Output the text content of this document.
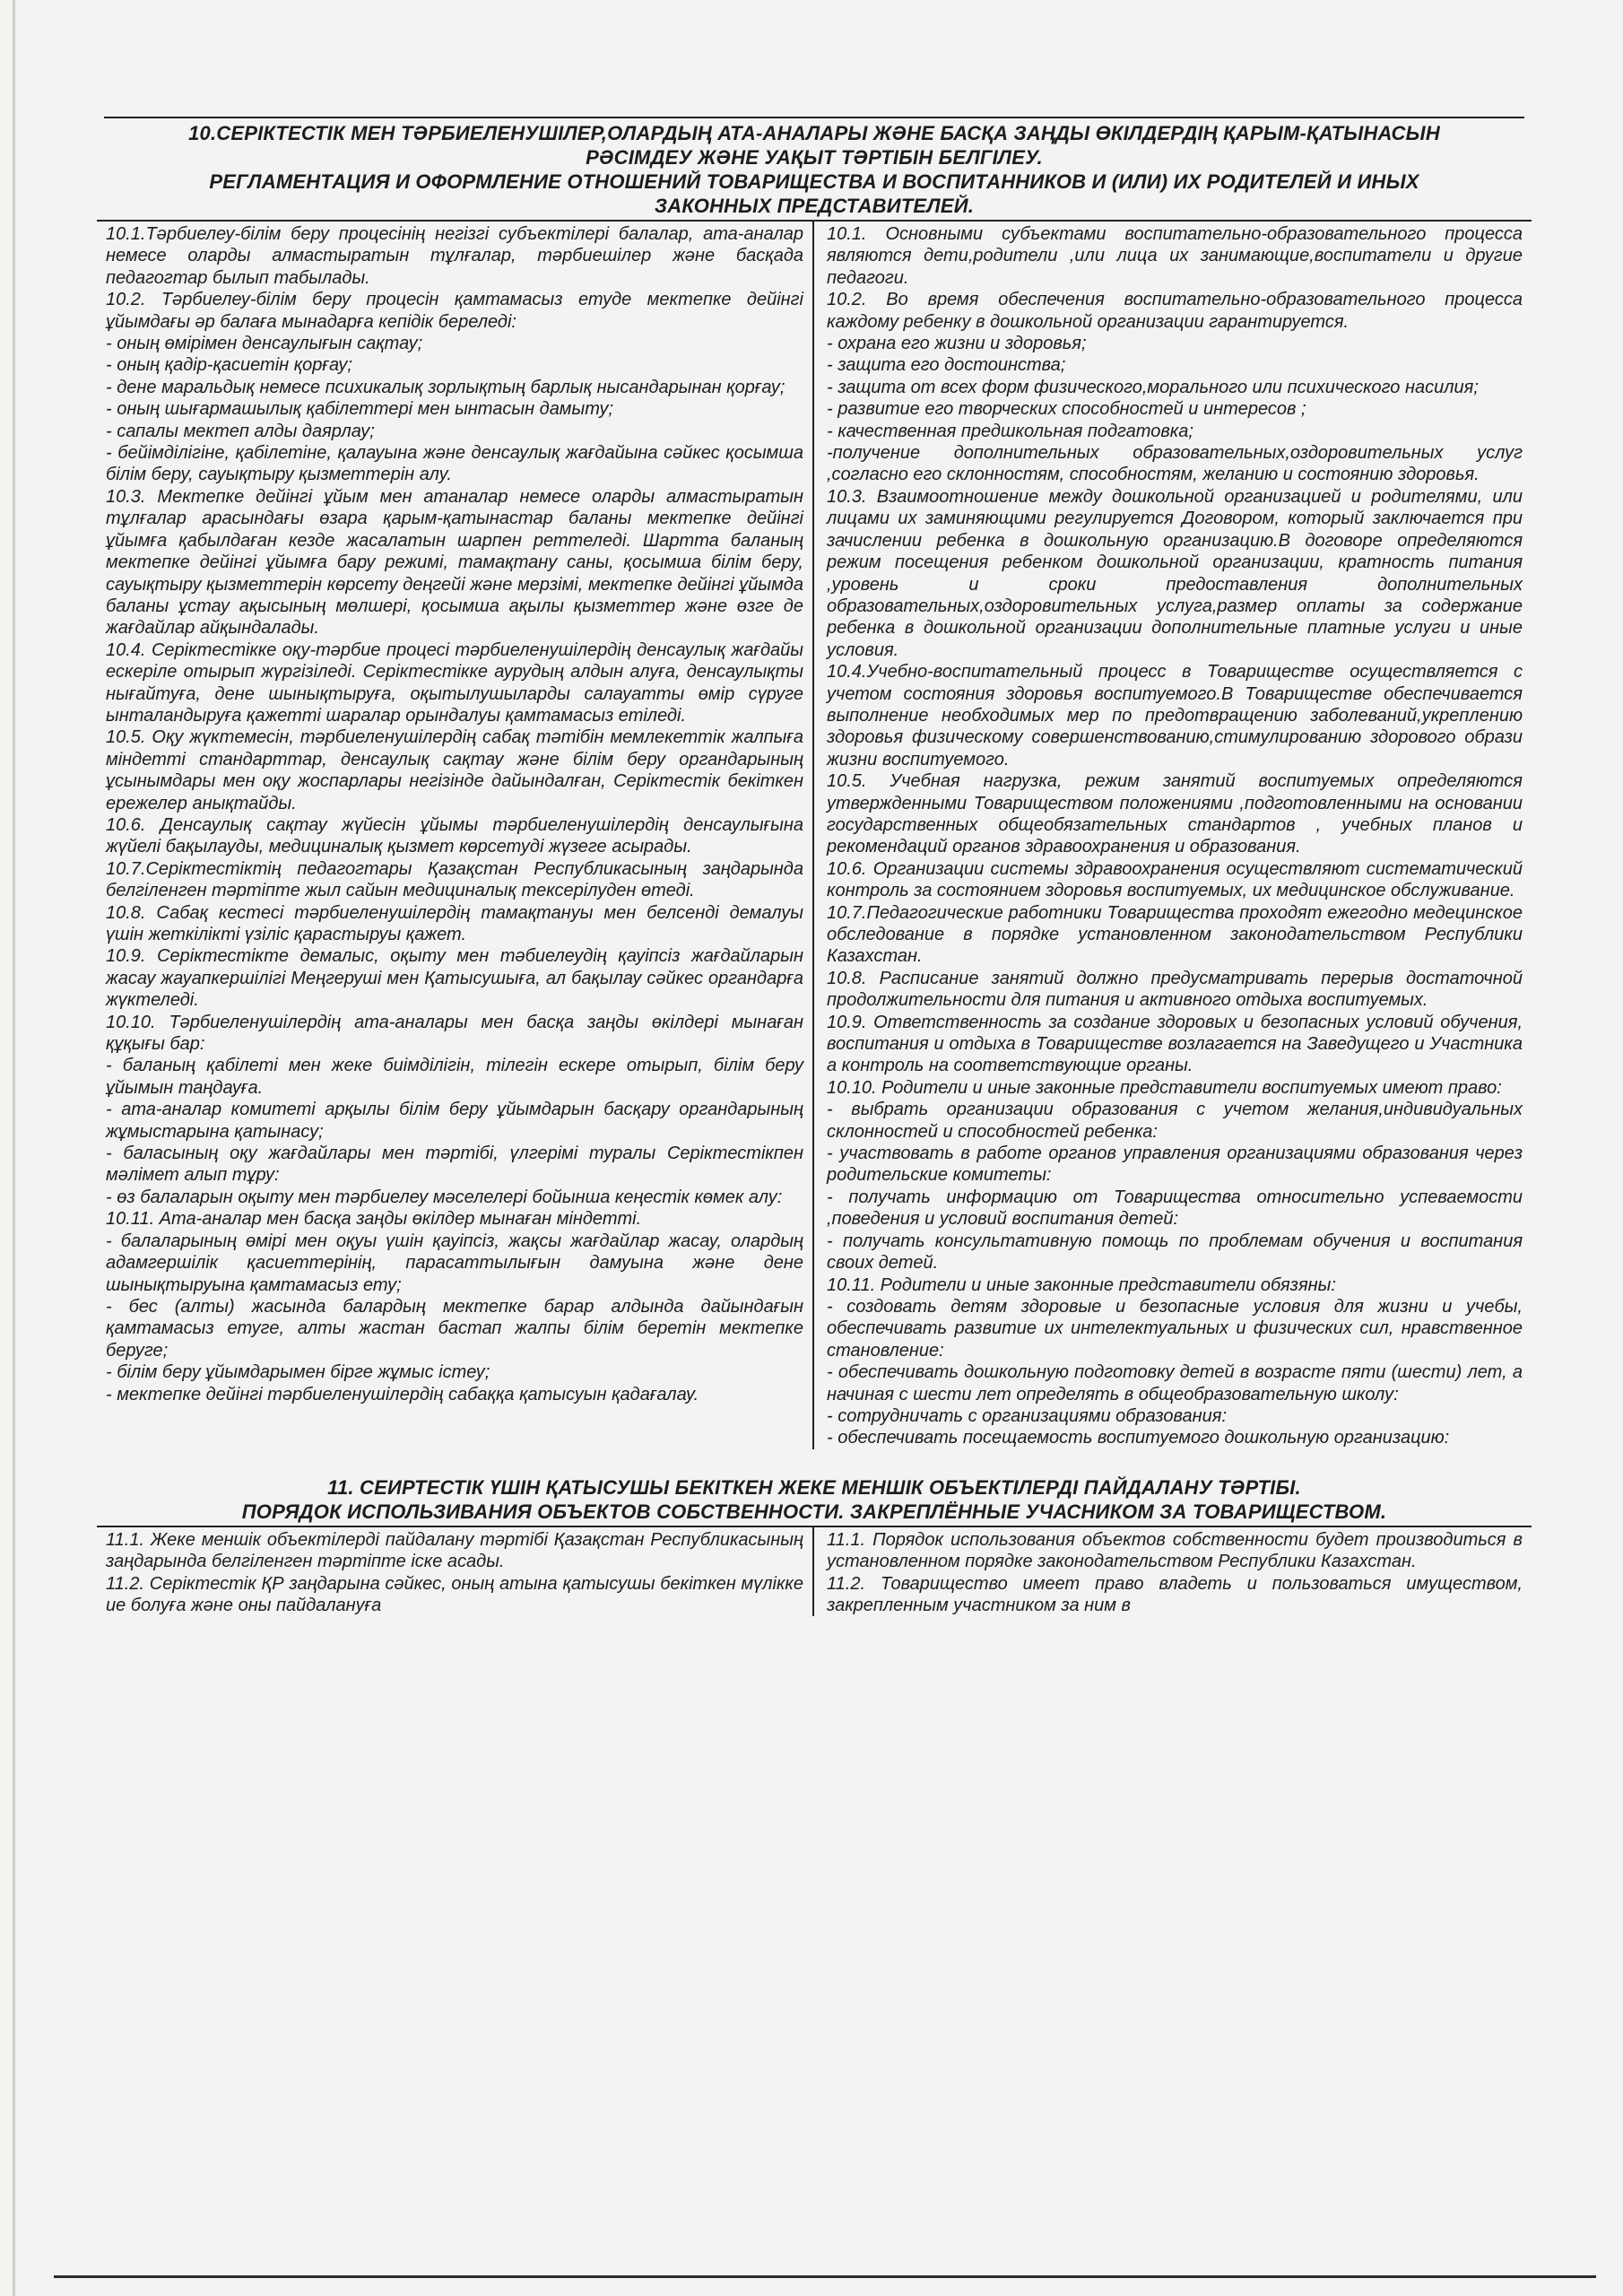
10.СЕРІКТЕСТІК МЕН ТӘРБИЕЛЕНУШІЛЕР,ОЛАРДЫҢ АТА-АНАЛАРЫ ЖӘНЕ БАСҚА ЗАҢДЫ ӨКІЛДЕРДІҢ ҚАРЫМ-ҚАТЫНАСЫН
РӘСІМДЕУ ЖӘНЕ УАҚЫТ ТӘРТІБІН БЕЛГІЛЕУ.
РЕГЛАМЕНТАЦИЯ И ОФОРМЛЕНИЕ ОТНОШЕНИЙ ТОВАРИЩЕСТВА И ВОСПИТАННИКОВ И (ИЛИ) ИХ РОДИТЕЛЕЙ И ИНЫХ
ЗАКОННЫХ ПРЕДСТАВИТЕЛЕЙ.

10.1.Тәрбиелеу-білім беру процесінің негізгі субъектілері балалар, ата-аналар немесе оларды алмастыратын тұлғалар, тәрбиешілер және басқада педагогтар былып табылады.

10.2. Тәрбиелеу-білім беру процесін қамтамасыз етуде мектепке дейінгі ұйымдағы әр балаға мынадарға кепідік береледі:

- оның өмірімен денсаулығын сақтау;

- оның қадір-қасиетін қорғау;

- дене маральдық немесе психикалық зорлықтың барлық нысандарынан қорғау;

- оның шығармашылық қабілеттері мен ынтасын дамыту;

- сапалы мектеп алды даярлау;

- бейімділігіне, қабілетіне, қалауына және денсаулық жағдайына сәйкес қосымша білім беру, сауықтыру қызметтерін алу.

10.3. Мектепке дейінгі ұйым мен атаналар немесе оларды алмастыратын тұлғалар арасындағы өзара қарым-қатынастар баланы мектепке дейінгі ұйымға қабылдаған кезде жасалатын шарпен реттеледі. Шартта баланың мектепке дейінгі ұйымға бару режимі, тамақтану саны, қосымша білім беру, сауықтыру қызметтерін көрсету деңгейі және мерзімі, мектепке дейінгі ұйымда баланы ұстау ақысының мөлшері, қосымша ақылы қызметтер және өзге де жағдайлар айқындалады.

10.4. Серіктестікке оқу-тәрбие процесі тәрбиеленушілердің денсаулық жағдайы ескеріле отырып жүргізіледі. Серіктестікке аурудың алдын алуға, денсаулықты нығайтуға, дене шынықтыруға, оқытылушыларды салауатты өмір сүруге ынталандыруға қажетті шаралар орындалуы қамтамасыз етіледі.

10.5. Оқу жүктемесін, тәрбиеленушілердің сабақ тәтібін мемлекеттік жалпыға міндетті стандарттар, денсаулық сақтау және білім беру органдарының ұсынымдары мен оқу жоспарлары негізінде дайындалған, Серіктестік бекіткен ережелер анықтайды.

10.6. Денсаулық сақтау жүйесін ұйымы тәрбиеленушілердің денсаулығына жүйелі бақылауды, медициналық қызмет көрсетуді жүзеге асырады.

10.7.Серіктестіктің педагогтары Қазақстан Республикасының заңдарында белгіленген тәртіпте жыл сайын медициналық тексерілуден өтеді.

10.8. Сабақ кестесі тәрбиеленушілердің тамақтануы мен белсенді демалуы үшін жеткілікті үзіліс қарастыруы қажет.

10.9. Серіктестікте демалыс, оқыту мен тәбиелеудің қауіпсіз жағдайларын жасау жауапкершілігі Меңгеруші мен Қатысушыға, ал бақылау сәйкес органдарға жүктеледі.

10.10. Тәрбиеленушілердің ата-аналары мен басқа заңды өкілдері мынаған құқығы бар:

- баланың қабілеті мен жеке биімділігін, тілегін ескере отырып, білім беру ұйымын таңдауға.

- ата-аналар комитеті арқылы білім беру ұйымдарын басқару органдарының жұмыстарына қатынасу;

- баласының оқу жағдайлары мен тәртібі, үлгерімі туралы Серіктестікпен мәлімет алып тұру:

- өз балаларын оқыту мен тәрбиелеу мәселелері бойынша кеңестік көмек алу:

10.11. Ата-аналар мен басқа заңды өкілдер мынаған міндетті.

- балаларының өмірі мен оқуы үшін қауіпсіз, жақсы жағдайлар жасау, олардың адамгершілік қасиеттерінің, парасаттылығын дамуына және дене шынықтыруына қамтамасыз ету;

- бес (алты) жасында балардың мектепке барар алдында дайындағын қамтамасыз етуге, алты жастан бастап жалпы білім беретін мектепке беруге;

- білім беру ұйымдарымен бірге жұмыс істеу;

- мектепке дейінгі тәрбиеленушілердің сабаққа қатысуын қадағалау.

10.1. Основными субъектами воспитательно-образовательного процесса являются дети,родители ,или лица их занимающие,воспитатели и другие педагоги.

10.2. Во время обеспечения воспитательно-образовательного процесса каждому ребенку в дошкольной организации гарантируется.

- охрана его жизни и здоровья;

- защита его достоинства;

- защита от всех форм физического,морального или психического насилия;

- развитие его творческих способностей и интересов ;

- качественная предшкольная подгатовка;

-получение дополнительных образовательных,оздоровительных услуг ,согласно его склонностям, способностям, желанию и состоянию здоровья.

10.3. Взаимоотношение между дошкольной организацией и родителями, или лицами их заминяющими регулируется Договором, который заключается при зачислении ребенка в дошкольную организацию.В договоре определяются режим посещения ребенком дошкольной организации, кратность питания ,уровень и сроки предоставления дополнительных образовательных,оздоровительных услуга,размер оплаты за содержание ребенка в дошкольной организации дополнительные платные услуги и иные условия.

10.4.Учебно-воспитательный процесс в Товариществе осуществляется с учетом состояния здоровья воспитуемого.В Товариществе обеспечивается выполнение необходимых мер по предотвращению заболеваний,укреплению здоровья физическому совершенствованию,стимулированию здорового образи жизни воспитуемого.

10.5. Учебная нагрузка, режим занятий воспитуемых определяются утвержденными Товариществом положениями ,подготовленными на основании государственных общеобязательных стандартов , учебных планов и рекомендаций органов здравоохранения и образования.

10.6. Организации системы здравоохранения осуществляют систематический контроль за состоянием здоровья воспитуемых, их медицинское обслуживание.

10.7.Педагогические работники Товарищества проходят ежегодно медецинское обследование в порядке установленном законодательством Республики Казахстан.

10.8. Расписание занятий должно предусматривать перерыв достаточной продолжительности для питания и активного отдыха воспитуемых.

10.9. Ответственность за создание здоровых и безопасных условий обучения, воспитания и отдыха в Товариществе возлагается на Заведущего и Участника а контроль на соответствующие органы.

10.10. Родители и иные законные представители воспитуемых имеют право:

- выбрать организации образования с учетом желания,индивидуальных склонностей и способностей ребенка:

- участвовать в работе органов управления организациями образования через родительские комитеты:

- получать информацию от Товарищества относительно успеваемости ,поведения и условий воспитания детей:

- получать консультативную помощь по проблемам обучения и воспитания своих детей.

10.11. Родители и иные законные представители обязяны:

- создовать детям здоровые и безопасные условия для жизни и учебы, обеспечивать развитие их интелектуальных и физических сил, нравственное становление:

- обеспечивать дошкольную подготовку детей в возрасте пяти (шести) лет, а начиная с шести лет определять в общеобразовательную школу:

- сотрудничать с организациями образования:

- обеспечивать посещаемость воспитуемого дошкольную организацию:

11. СЕИРТЕСТІК ҮШІН ҚАТЫСУШЫ БЕКІТКЕН ЖЕКЕ МЕНШІК ОБЪЕКТІЛЕРДІ ПАЙДАЛАНУ ТӘРТІБІ.
ПОРЯДОК ИСПОЛЬЗИВАНИЯ ОБЪЕКТОВ СОБСТВЕННОСТИ. ЗАКРЕПЛЁННЫЕ УЧАСНИКОМ ЗА ТОВАРИЩЕСТВОМ.

11.1. Жеке меншік объектілерді пайдалану тәртібі Қазақстан Республикасының заңдарында белгіленген тәртіпте іске асады.

11.2. Серіктестік ҚР заңдарына сәйкес, оның атына қатысушы бекіткен мүлікке ие болуға және оны пайдалануға

11.1. Порядок использования объектов собственности будет производиться в установленном порядке законодательством Республики Казахстан.

11.2. Товарищество имеет право владеть и пользоваться имуществом, закрепленным участником за ним в
